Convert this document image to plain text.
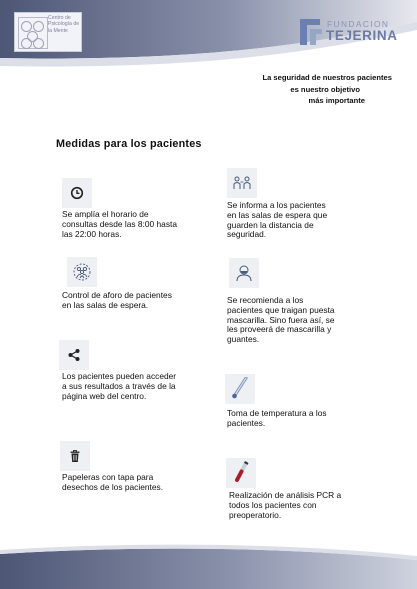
Centro de Psicología de la Mente
FUNDACION
TEJERINA
La seguridad de nuestros pacientes
es nuestro objetivo
más importante
Medidas para los pacientes
Se amplía el horario de consultas desde las 8:00 hasta las 22:00 horas.
Se informa a los pacientes en las salas de espera que guarden la distancia de seguridad.
Control de aforo de pacientes en las salas de espera.	Se recomienda a los pacientes que traigan puesta mascarilla. Sino fuera así, se les proveerá de mascarilla y guantes.
Los pacientes pueden acceder a sus resultados a través de la página web del centro.
Toma de temperatura a los pacientes.
Papeleras con tapa para desechos de los pacientes.
Realización de análisis PCR a todos los pacientes con preoperatorio.
